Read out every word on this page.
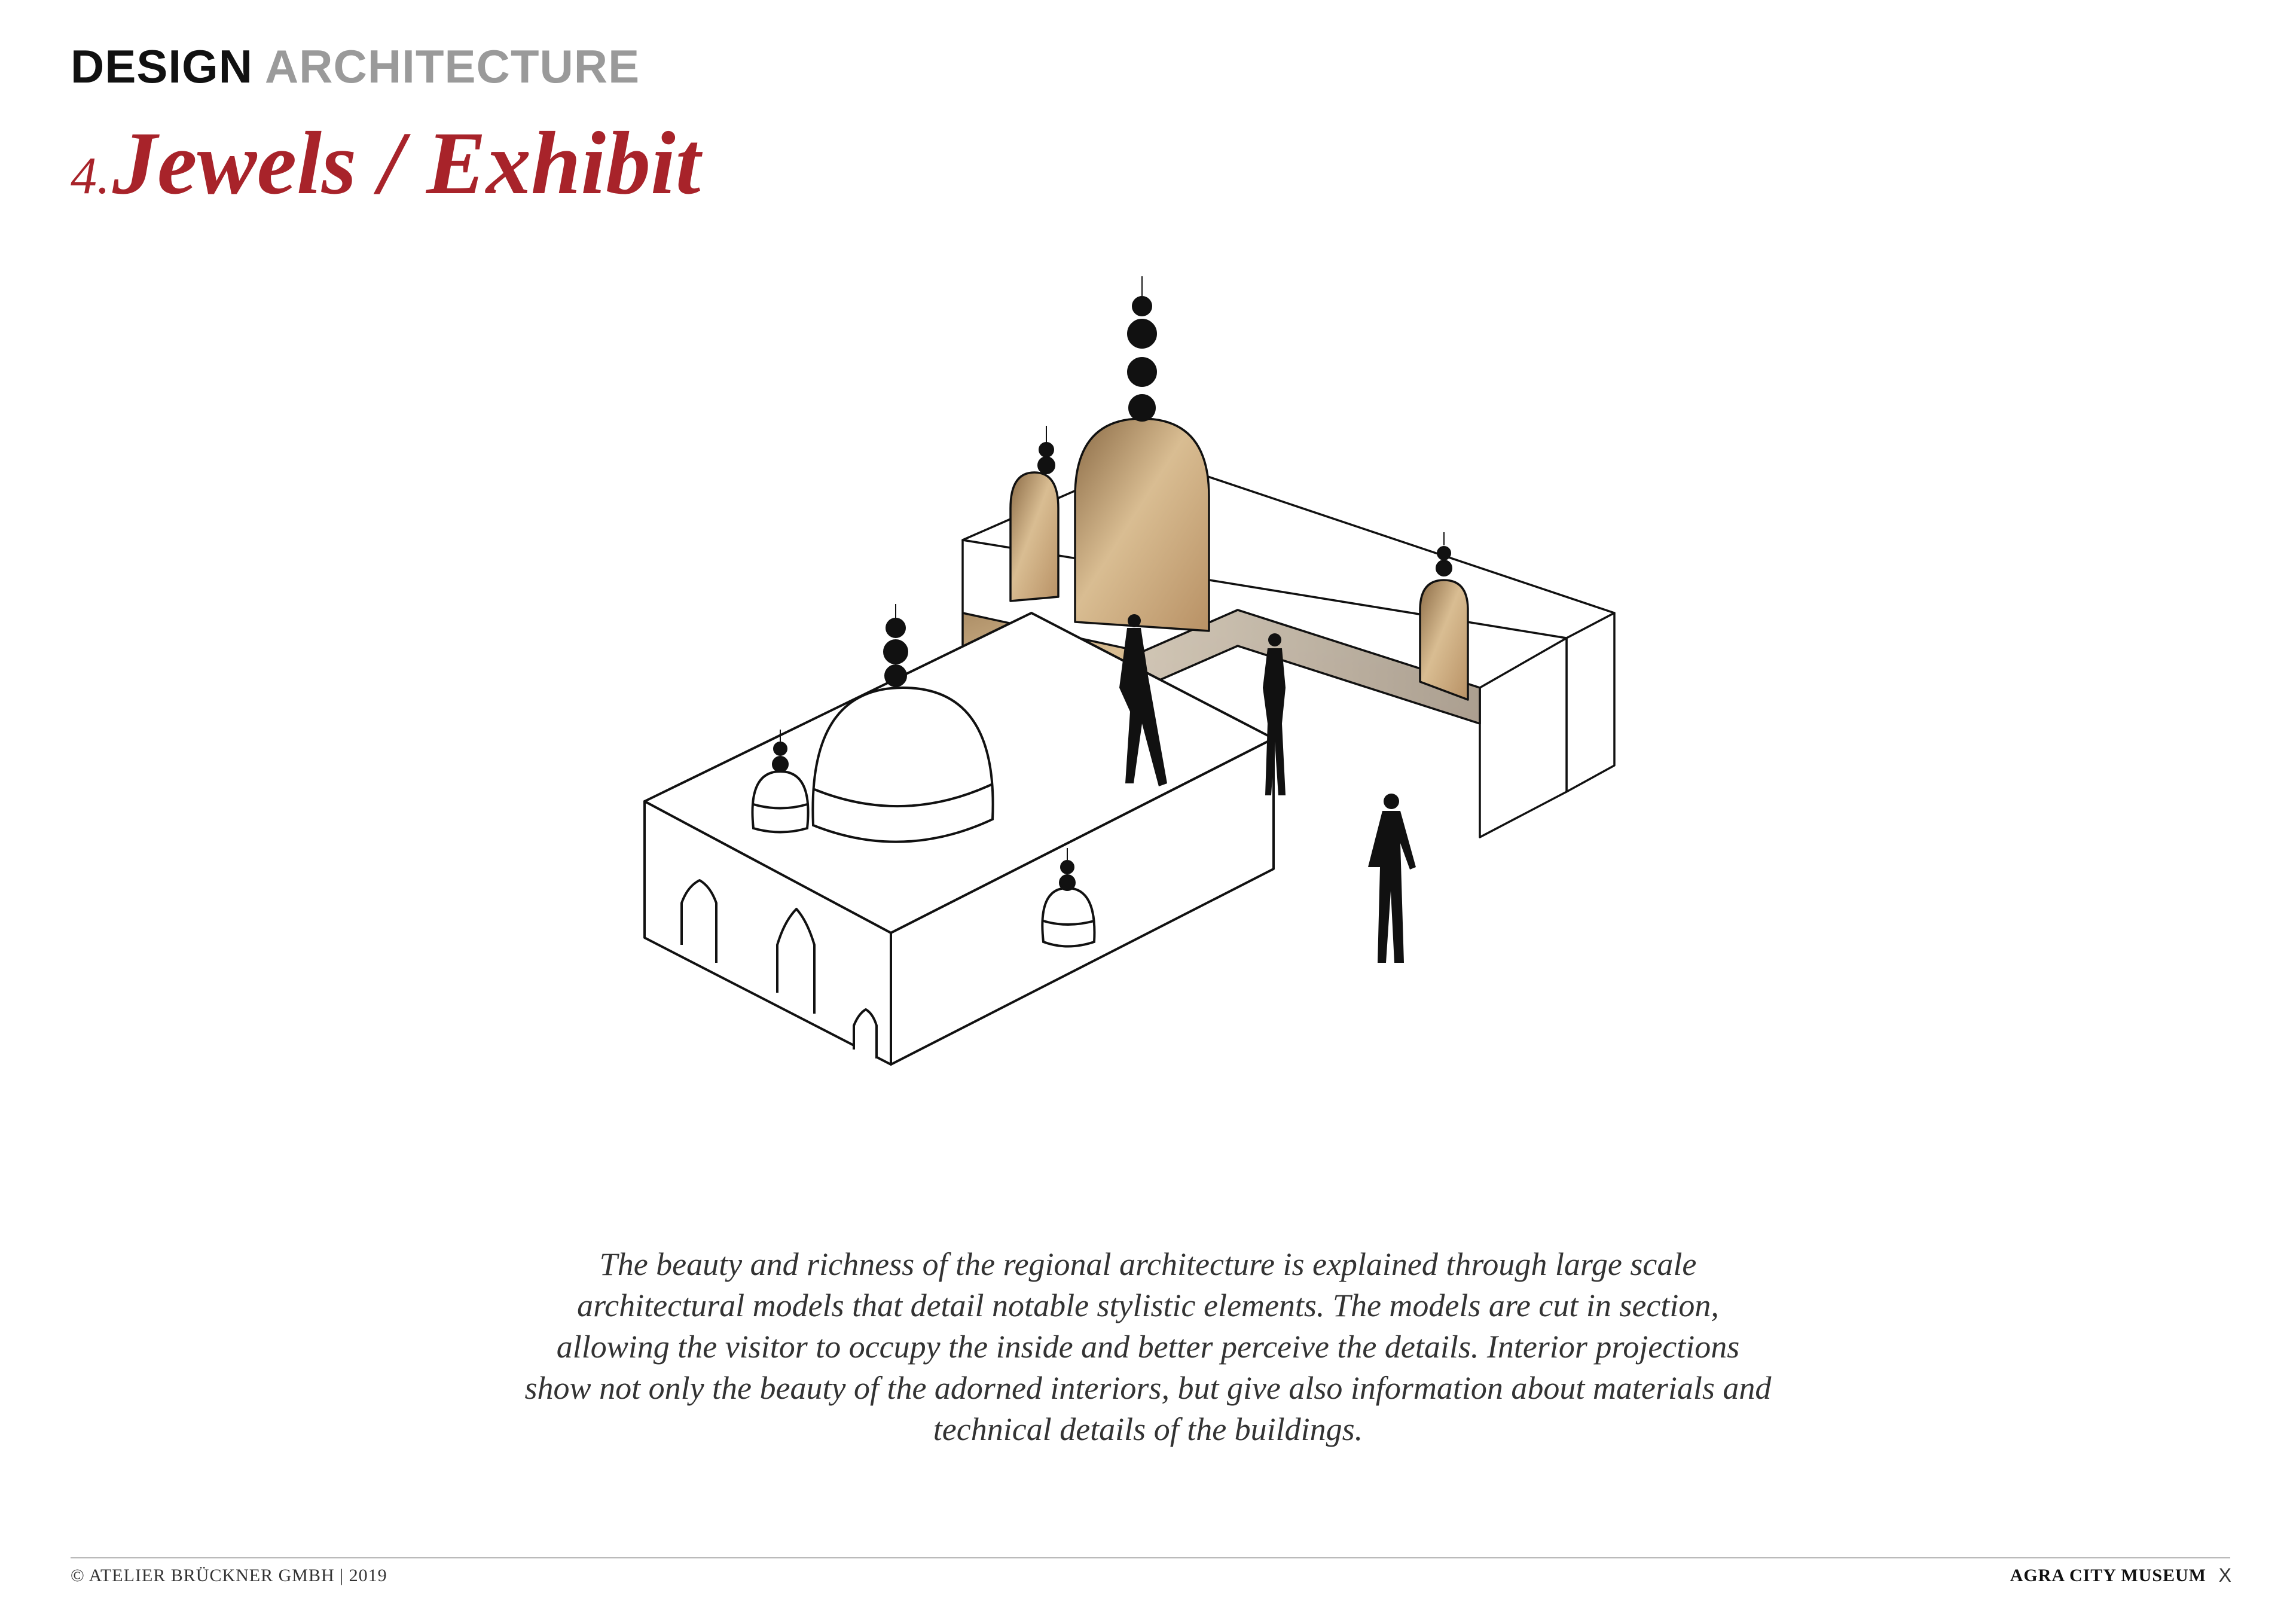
DESIGN ARCHITECTURE
4. Jewels / Exhibit
The beauty and richness of the regional architecture is explained through large scale architectural models that detail notable stylistic elements. The models are cut in section, allowing the visitor to occupy the inside and better perceive the details. Interior projections show not only the beauty of the adorned interiors, but give also information about materials and technical details of the buildings.
© ATELIER BRÜCKNER GMBH | 2019	AGRA CITY MUSEUM X
